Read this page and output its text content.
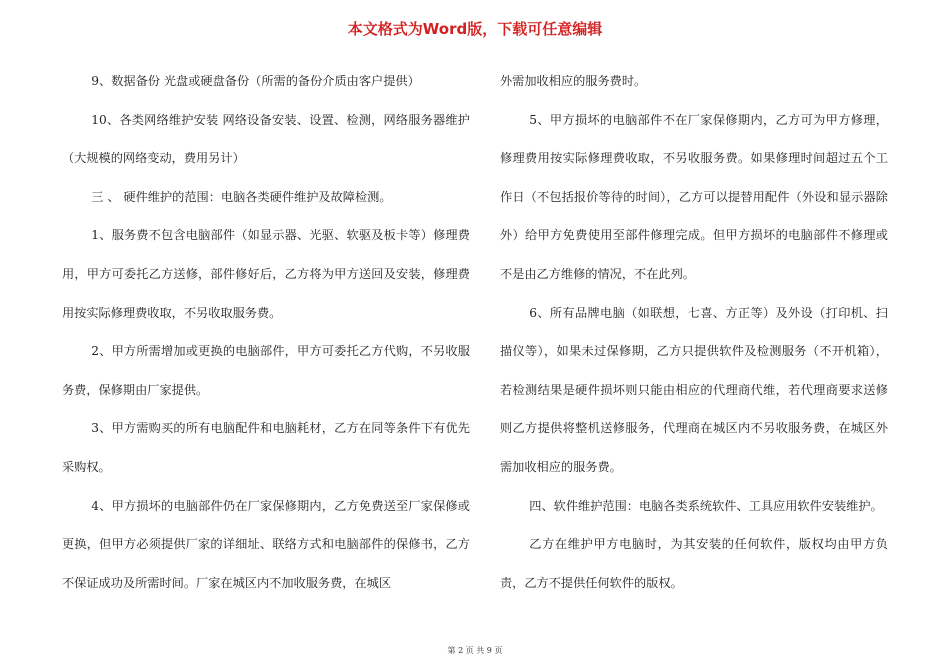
本文格式为Word版，下载可任意编辑

9、数据备份 光盘或硬盘备份（所需的备份介质由客户提供）

10、各类网络维护安装 网络设备安装、设置、检测，网络服务器维护（大规模的网络变动，费用另计）

三 、 硬件维护的范围：电脑各类硬件维护及故障检测。

1、服务费不包含电脑部件（如显示器、光驱、软驱及板卡等）修理费用，甲方可委托乙方送修，部件修好后，乙方将为甲方送回及安装，修理费用按实际修理费收取，不另收取服务费。

2、甲方所需增加或更换的电脑部件，甲方可委托乙方代购，不另收服务费，保修期由厂家提供。

3、甲方需购买的所有电脑配件和电脑耗材，乙方在同等条件下有优先采购权。

4、甲方损坏的电脑部件仍在厂家保修期内，乙方免费送至厂家保修或更换，但甲方必须提供厂家的详细址、联络方式和电脑部件的保修书，乙方不保证成功及所需时间。厂家在城区内不加收服务费，在城区

外需加收相应的服务费时。

5、甲方损坏的电脑部件不在厂家保修期内，乙方可为甲方修理，修理费用按实际修理费收取，不另收服务费。如果修理时间超过五个工作日（不包括报价等待的时间），乙方可以提替用配件（外设和显示器除外）给甲方免费使用至部件修理完成。但甲方损坏的电脑部件不修理或不是由乙方维修的情况，不在此列。

6、所有品牌电脑（如联想，七喜、方正等）及外设（打印机、扫描仪等），如果未过保修期，乙方只提供软件及检测服务（不开机箱），若检测结果是硬件损坏则只能由相应的代理商代维，若代理商要求送修则乙方提供将整机送修服务，代理商在城区内不另收服务费，在城区外需加收相应的服务费。

四、软件维护范围：电脑各类系统软件、工具应用软件安装维护。

乙方在维护甲方电脑时，为其安装的任何软件，版权均由甲方负责，乙方不提供任何软件的版权。

第 2 页 共 9 页
